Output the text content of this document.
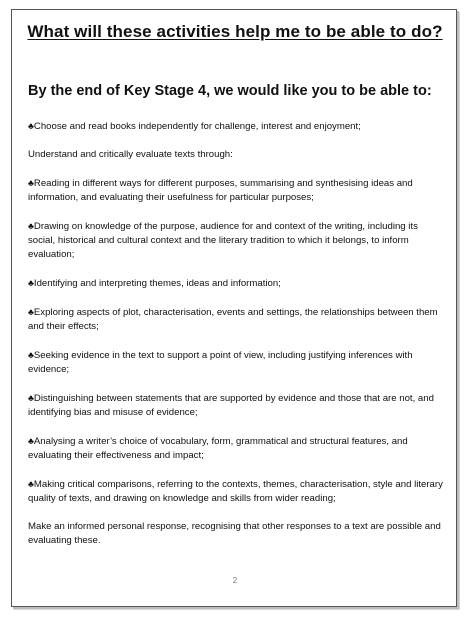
What will these activities help me to be able to do?
By the end of Key Stage 4, we would like you to be able to:

♣Choose and read books independently for challenge, interest and enjoyment;

Understand and critically evaluate texts through:

♣Reading in different ways for different purposes, summarising and synthesising ideas and information, and evaluating their usefulness for particular purposes;

♣Drawing on knowledge of the purpose, audience for and context of the writing, including its social, historical and cultural context and the literary tradition to which it belongs, to inform evaluation;

♣Identifying and interpreting themes, ideas and information;

♣Exploring aspects of plot, characterisation, events and settings, the relationships between them and their effects;

♣Seeking evidence in the text to support a point of view, including justifying inferences with evidence;

♣Distinguishing between statements that are supported by evidence and those that are not, and identifying bias and misuse of evidence;

♣Analysing a writer’s choice of vocabulary, form, grammatical and structural features, and evaluating their effectiveness and impact;

♣Making critical comparisons, referring to the contexts, themes, characterisation, style and literary quality of texts, and drawing on knowledge and skills from wider reading;

Make an informed personal response, recognising that other responses to a text are possible and evaluating these.

2
